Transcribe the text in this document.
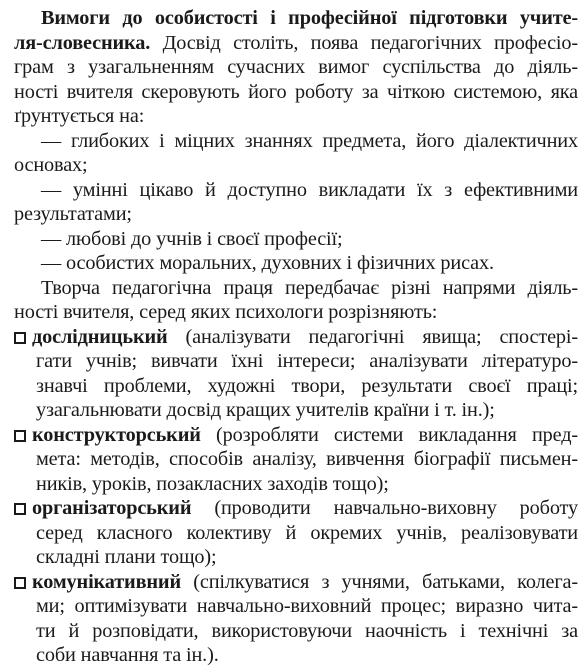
Вимоги до особистості і професійної підготовки учите-
ля-словесника. Досвід століть, поява педагогічних професіо-
грам з узагальненням сучасних вимог суспільства до діяль-
ності вчителя скеровують його роботу за чіткою системою, яка
ґрунтується на:
— глибоких і міцних знаннях предмета, його діалектичних
основах;
— умінні цікаво й доступно викладати їх з ефективними
результатами;
— любові до учнів і своєї професії;
— особистих моральних, духовних і фізичних рисах.
Творча педагогічна праця передбачає різні напрями діяль-
ності вчителя, серед яких психологи розрізняють:
дослідницький (аналізувати педагогічні явища; спостері-
гати учнів; вивчати їхні інтереси; аналізувати літературо-
знавчі проблеми, художні твори, результати своєї праці;
узагальнювати досвід кращих учителів країни і т. ін.);
конструкторський (розробляти системи викладання пред-
мета: методів, способів аналізу, вивчення біографії письмен-
ників, уроків, позакласних заходів тощо);
організаторський (проводити навчально-виховну роботу
серед класного колективу й окремих учнів, реалізовувати
складні плани тощо);
комунікативний (спілкуватися з учнями, батьками, колега-
ми; оптимізувати навчально-виховний процес; виразно чита-
ти й розповідати, використовуючи наочність і технічні за
соби навчання та ін.).
